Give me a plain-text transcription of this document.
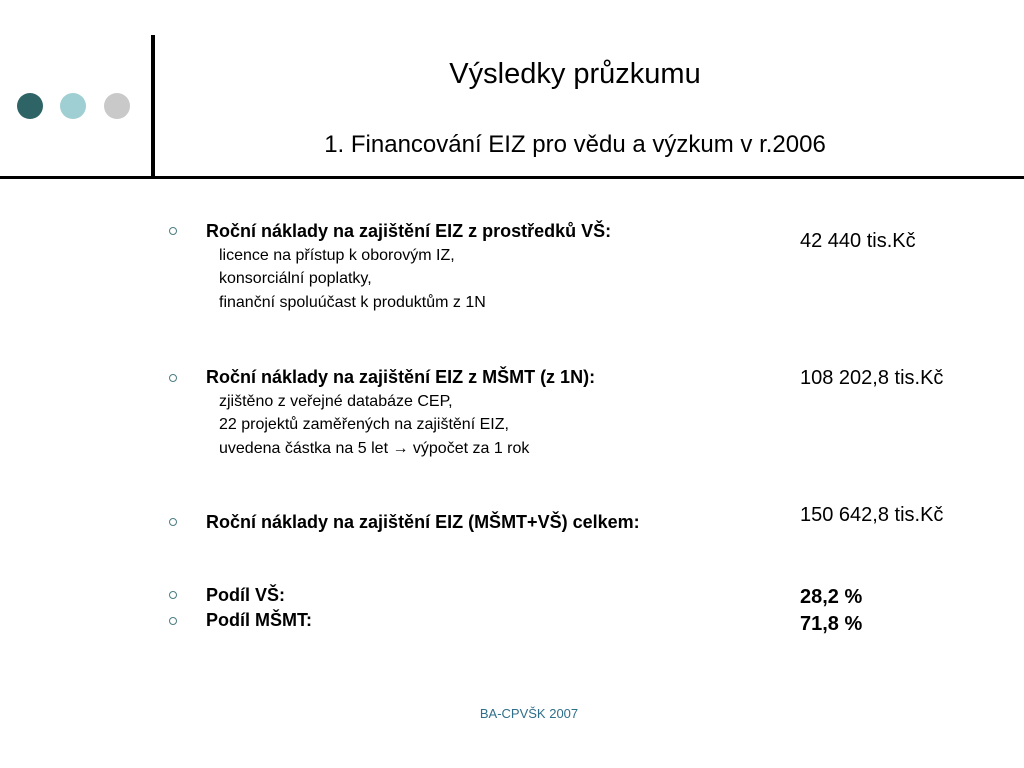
Výsledky průzkumu
1. Financování EIZ pro vědu a výzkum v r.2006
Roční náklady na zajištění EIZ z prostředků VŠ:
licence na přístup k oborovým IZ,
konsorciální poplatky,
finanční spoluúčast k produktům z 1N
42 440 tis.Kč
Roční náklady na zajištění EIZ z MŠMT (z 1N):
zjištěno z veřejné databáze CEP,
22 projektů zaměřených na zajištění EIZ,
uvedena částka na 5 let → výpočet za 1 rok
108 202,8 tis.Kč
Roční náklady na zajištění EIZ (MŠMT+VŠ) celkem:	150 642,8 tis.Kč
Podíl VŠ:	28,2 %
Podíl MŠMT:	71,8 %
BA-CPVŠK 2007
